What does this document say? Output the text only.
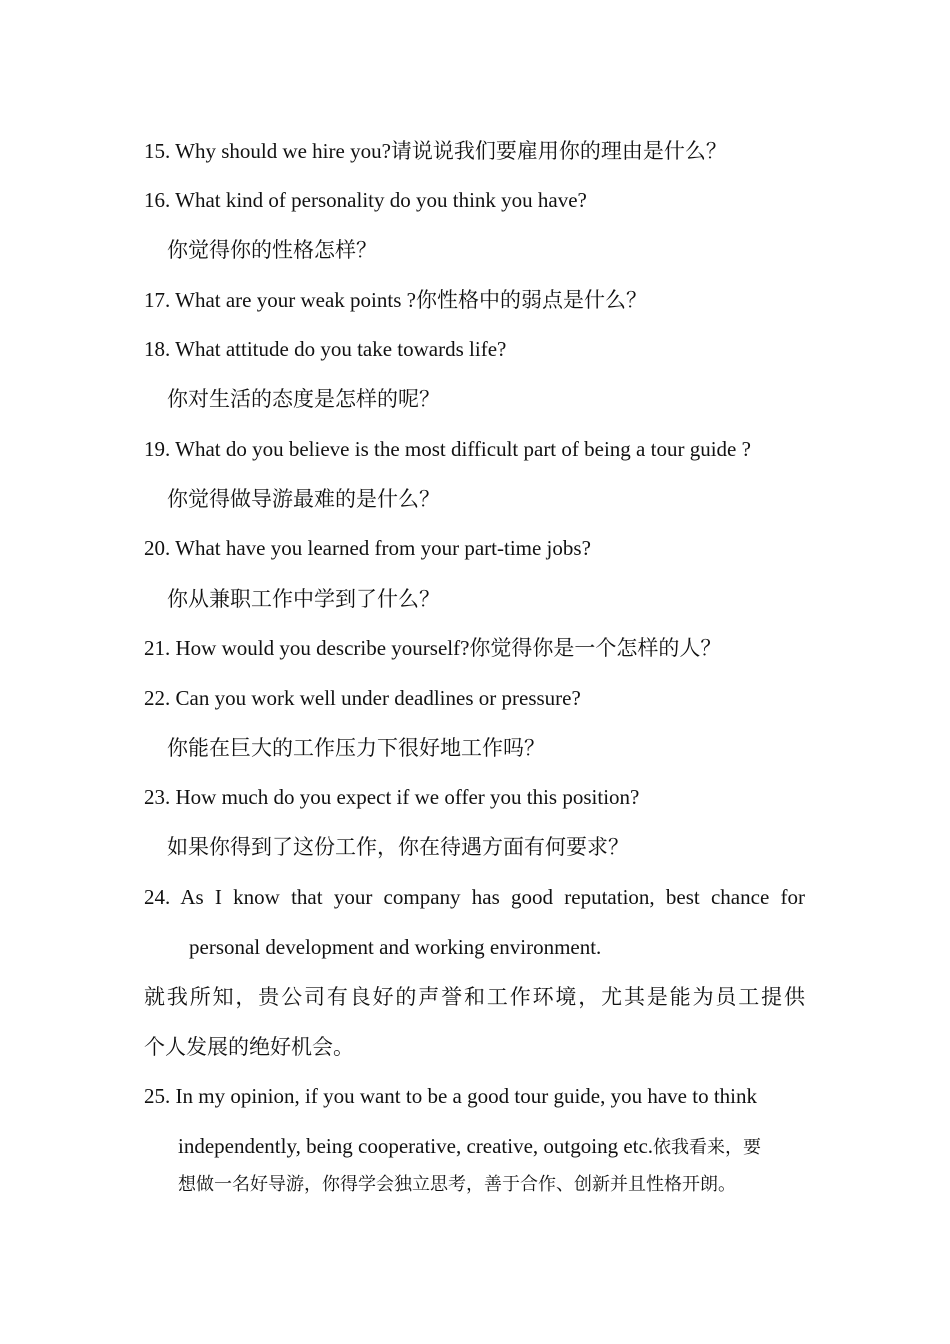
15. Why should we hire you?请说说我们要雇用你的理由是什么？
16. What kind of personality do you think you have?
你觉得你的性格怎样？
17. What are your weak points ?你性格中的弱点是什么？
18. What attitude do you take towards life?
你对生活的态度是怎样的呢？
19. What do you believe is the most difficult part of being a tour guide ?
你觉得做导游最难的是什么？
20. What have you learned from your part-time jobs?
你从兼职工作中学到了什么？
21. How would you describe yourself?你觉得你是一个怎样的人？
22. Can you work well under deadlines or pressure?
你能在巨大的工作压力下很好地工作吗？
23. How much do you expect if we offer you this position?
如果你得到了这份工作，你在待遇方面有何要求？
24. As I know that your company has good reputation, best chance for
personal development and working environment.
就我所知，贵公司有良好的声誉和工作环境，尤其是能为员工提供
个人发展的绝好机会。
25. In my opinion, if you want to be a good tour guide, you have to think
independently, being cooperative, creative, outgoing etc.依我看来，要
想做一名好导游，你得学会独立思考，善于合作、创新并且性格开朗。
